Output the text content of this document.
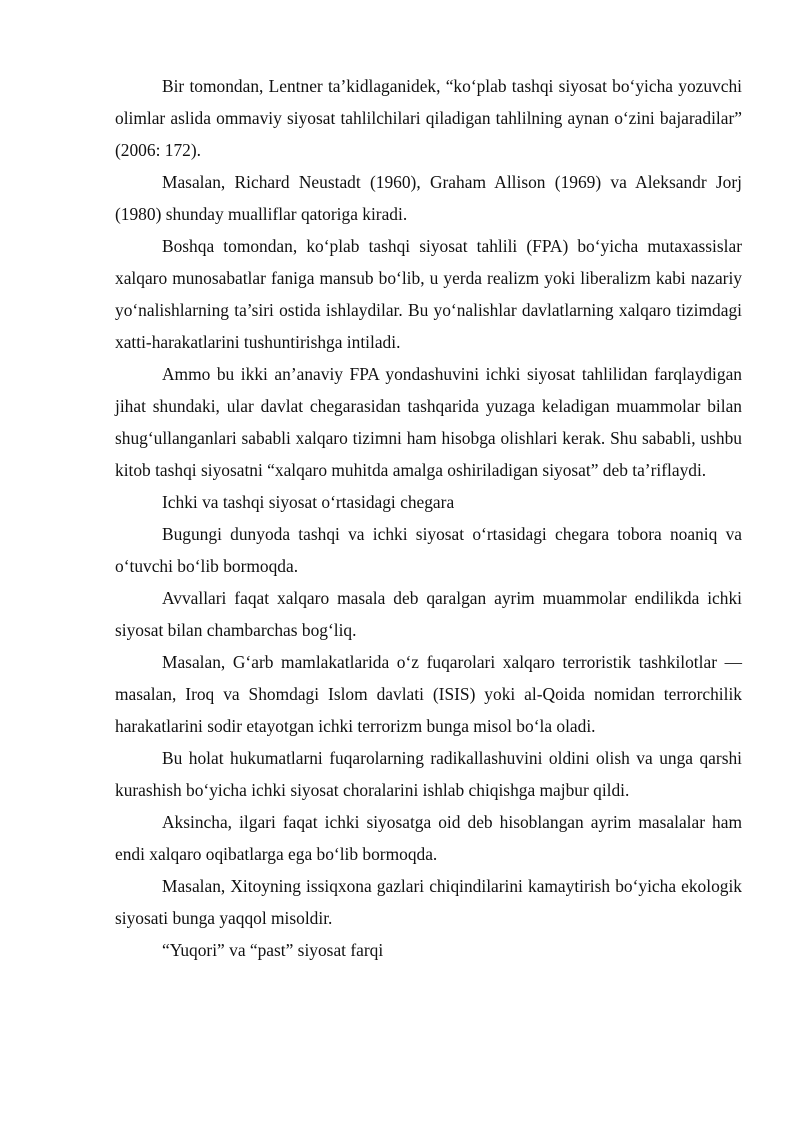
Bir tomondan, Lentner ta’kidlaganidek, “ko‘plab tashqi siyosat bo‘yicha yozuvchi olimlar aslida ommaviy siyosat tahlilchilari qiladigan tahlilning aynan o‘zini bajaradilar” (2006: 172).

Masalan, Richard Neustadt (1960), Graham Allison (1969) va Aleksandr Jorj (1980) shunday mualliflar qatoriga kiradi.

Boshqa tomondan, ko‘plab tashqi siyosat tahlili (FPA) bo‘yicha mutaxassislar xalqaro munosabatlar faniga mansub bo‘lib, u yerda realizm yoki liberalizm kabi nazariy yo‘nalishlarning ta’siri ostida ishlaydilar. Bu yo‘nalishlar davlatlarning xalqaro tizimdagi xatti-harakatlarini tushuntirishga intiladi.

Ammo bu ikki an’anaviy FPA yondashuvini ichki siyosat tahlilidan farqlaydigan jihat shundaki, ular davlat chegarasidan tashqarida yuzaga keladigan muammolar bilan shug‘ullanganlari sababli xalqaro tizimni ham hisobga olishlari kerak. Shu sababli, ushbu kitob tashqi siyosatni “xalqaro muhitda amalga oshiriladigan siyosat” deb ta’riflaydi.

Ichki va tashqi siyosat o‘rtasidagi chegara

Bugungi dunyoda tashqi va ichki siyosat o‘rtasidagi chegara tobora noaniq va o‘tuvchi bo‘lib bormoqda.

Avvallari faqat xalqaro masala deb qaralgan ayrim muammolar endilikda ichki siyosat bilan chambarchas bog‘liq.

Masalan, G‘arb mamlakatlarida o‘z fuqarolari xalqaro terroristik tashkilotlar — masalan, Iroq va Shomdagi Islom davlati (ISIS) yoki al-Qoida nomidan terrorchilik harakatlarini sodir etayotgan ichki terrorizm bunga misol bo‘la oladi.

Bu holat hukumatlarni fuqarolarning radikallashuvini oldini olish va unga qarshi kurashish bo‘yicha ichki siyosat choralarini ishlab chiqishga majbur qildi.

Aksincha, ilgari faqat ichki siyosatga oid deb hisoblangan ayrim masalalar ham endi xalqaro oqibatlarga ega bo‘lib bormoqda.

Masalan, Xitoyning issiqxona gazlari chiqindilarini kamaytirish bo‘yicha ekologik siyosati bunga yaqqol misoldir.

“Yuqori” va “past” siyosat farqi
